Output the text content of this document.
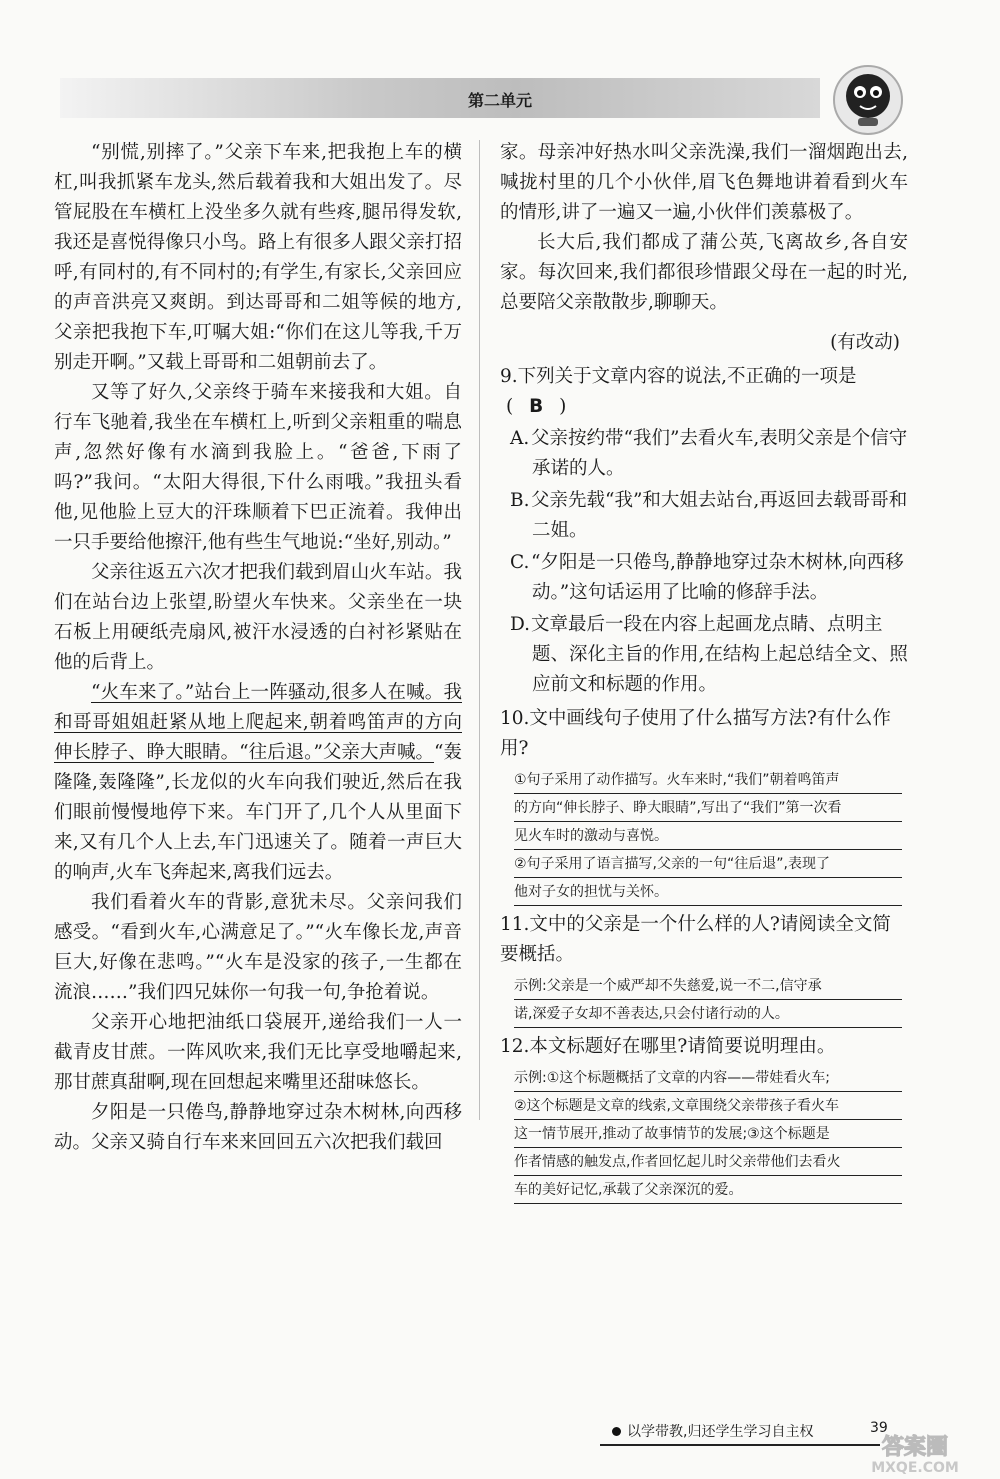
第二单元

“别慌,别摔了。”父亲下车来,把我抱上车的横杠,叫我抓紧车龙头,然后载着我和大姐出发了。尽管屁股在车横杠上没坐多久就有些疼,腿吊得发软,我还是喜悦得像只小鸟。路上有很多人跟父亲打招呼,有同村的,有不同村的;有学生,有家长,父亲回应的声音洪亮又爽朗。到达哥哥和二姐等候的地方,父亲把我抱下车,叮嘱大姐:“你们在这儿等我,千万别走开啊。”又载上哥哥和二姐朝前去了。

又等了好久,父亲终于骑车来接我和大姐。自行车飞驰着,我坐在车横杠上,听到父亲粗重的喘息声,忽然好像有水滴到我脸上。“爸爸,下雨了吗?”我问。“太阳大得很,下什么雨哦。”我扭头看他,见他脸上豆大的汗珠顺着下巴正流着。我伸出一只手要给他擦汗,他有些生气地说:“坐好,别动。”

父亲往返五六次才把我们载到眉山火车站。我们在站台边上张望,盼望火车快来。父亲坐在一块石板上用硬纸壳扇风,被汗水浸透的白衬衫紧贴在他的后背上。

“火车来了。”站台上一阵骚动,很多人在喊。我和哥哥姐姐赶紧从地上爬起来,朝着鸣笛声的方向伸长脖子、睁大眼睛。“往后退。”父亲大声喊。“轰隆隆,轰隆隆”,长龙似的火车向我们驶近,然后在我们眼前慢慢地停下来。车门开了,几个人从里面下来,又有几个人上去,车门迅速关了。随着一声巨大的响声,火车飞奔起来,离我们远去。

我们看着火车的背影,意犹未尽。父亲问我们感受。“看到火车,心满意足了。”“火车像长龙,声音巨大,好像在悲鸣。”“火车是没家的孩子,一生都在流浪……”我们四兄妹你一句我一句,争抢着说。

父亲开心地把油纸口袋展开,递给我们一人一截青皮甘蔗。一阵风吹来,我们无比享受地嚼起来,那甘蔗真甜啊,现在回想起来嘴里还甜味悠长。

夕阳是一只倦鸟,静静地穿过杂木树林,向西移动。父亲又骑自行车来来回回五六次把我们载回

家。母亲冲好热水叫父亲洗澡,我们一溜烟跑出去,喊拢村里的几个小伙伴,眉飞色舞地讲着看到火车的情形,讲了一遍又一遍,小伙伴们羡慕极了。

长大后,我们都成了蒲公英,飞离故乡,各自安家。每次回来,我们都很珍惜跟父母在一起的时光,总要陪父亲散散步,聊聊天。

(有改动)
9.下列关于文章内容的说法,不正确的一项是
( B )
A.父亲按约带“我们”去看火车,表明父亲是个信守承诺的人。
B.父亲先载“我”和大姐去站台,再返回去载哥哥和二姐。
C.“夕阳是一只倦鸟,静静地穿过杂木树林,向西移动。”这句话运用了比喻的修辞手法。
D.文章最后一段在内容上起画龙点睛、点明主题、深化主旨的作用,在结构上起总结全文、照应前文和标题的作用。
10.文中画线句子使用了什么描写方法?有什么作用?
①句子采用了动作描写。火车来时,“我们”朝着鸣笛声
的方向“伸长脖子、睁大眼睛”,写出了“我们”第一次看
见火车时的激动与喜悦。
②句子采用了语言描写,父亲的一句“往后退”,表现了
他对子女的担忧与关怀。
11.文中的父亲是一个什么样的人?请阅读全文简要概括。
示例:父亲是一个威严却不失慈爱,说一不二,信守承
诺,深爱子女却不善表达,只会付诸行动的人。
12.本文标题好在哪里?请简要说明理由。
示例:①这个标题概括了文章的内容——带娃看火车;
②这个标题是文章的线索,文章围绕父亲带孩子看火车
这一情节展开,推动了故事情节的发展;③这个标题是
作者情感的触发点,作者回忆起儿时父亲带他们去看火
车的美好记忆,承载了父亲深沉的爱。
以学带教,归还学生学习自主权	39
答案圈
MXQE.COM
